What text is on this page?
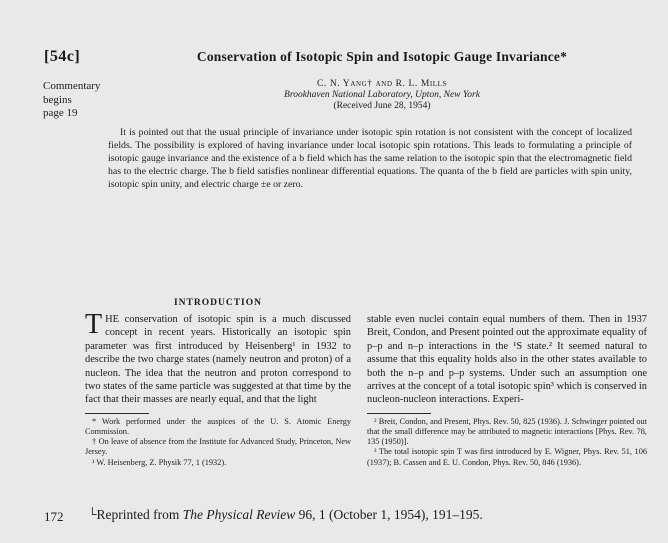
[54c]
Commentary
begins
page 19
Conservation of Isotopic Spin and Isotopic Gauge Invariance*
C. N. Yang† and R. L. Mills
Brookhaven National Laboratory, Upton, New York
(Received June 28, 1954)
It is pointed out that the usual principle of invariance under isotopic spin rotation is not consistent with the concept of localized fields. The possibility is explored of having invariance under local isotopic spin rotations. This leads to formulating a principle of isotopic gauge invariance and the existence of a b field which has the same relation to the isotopic spin that the electromagnetic field has to the electric charge. The b field satisfies nonlinear differential equations. The quanta of the b field are particles with spin unity, isotopic spin unity, and electric charge ±e or zero.
INTRODUCTION
THE conservation of isotopic spin is a much discussed concept in recent years. Historically an isotopic spin parameter was first introduced by Heisenberg¹ in 1932 to describe the two charge states (namely neutron and proton) of a nucleon. The idea that the neutron and proton correspond to two states of the same particle was suggested at that time by the fact that their masses are nearly equal, and that the light

* Work performed under the auspices of the U. S. Atomic Energy Commission.

† On leave of absence from the Institute for Advanced Study, Princeton, New Jersey.

¹ W. Heisenberg, Z. Physik 77, 1 (1932).

stable even nuclei contain equal numbers of them. Then in 1937 Breit, Condon, and Present pointed out the approximate equality of p–p and n–p interactions in the ¹S state.² It seemed natural to assume that this equality holds also in the other states available to both the n–p and p–p systems. Under such an assumption one arrives at the concept of a total isotopic spin³ which is conserved in nucleon-nucleon interactions. Experi-

² Breit, Condon, and Present, Phys. Rev. 50, 825 (1936). J. Schwinger pointed out that the small difference may be attributed to magnetic interactions [Phys. Rev. 78, 135 (1950)].

³ The total isotopic spin T was first introduced by E. Wigner, Phys. Rev. 51, 106 (1937); B. Cassen and E. U. Condon, Phys. Rev. 50, 846 (1936).

172 └Reprinted from The Physical Review 96, 1 (October 1, 1954), 191–195.
